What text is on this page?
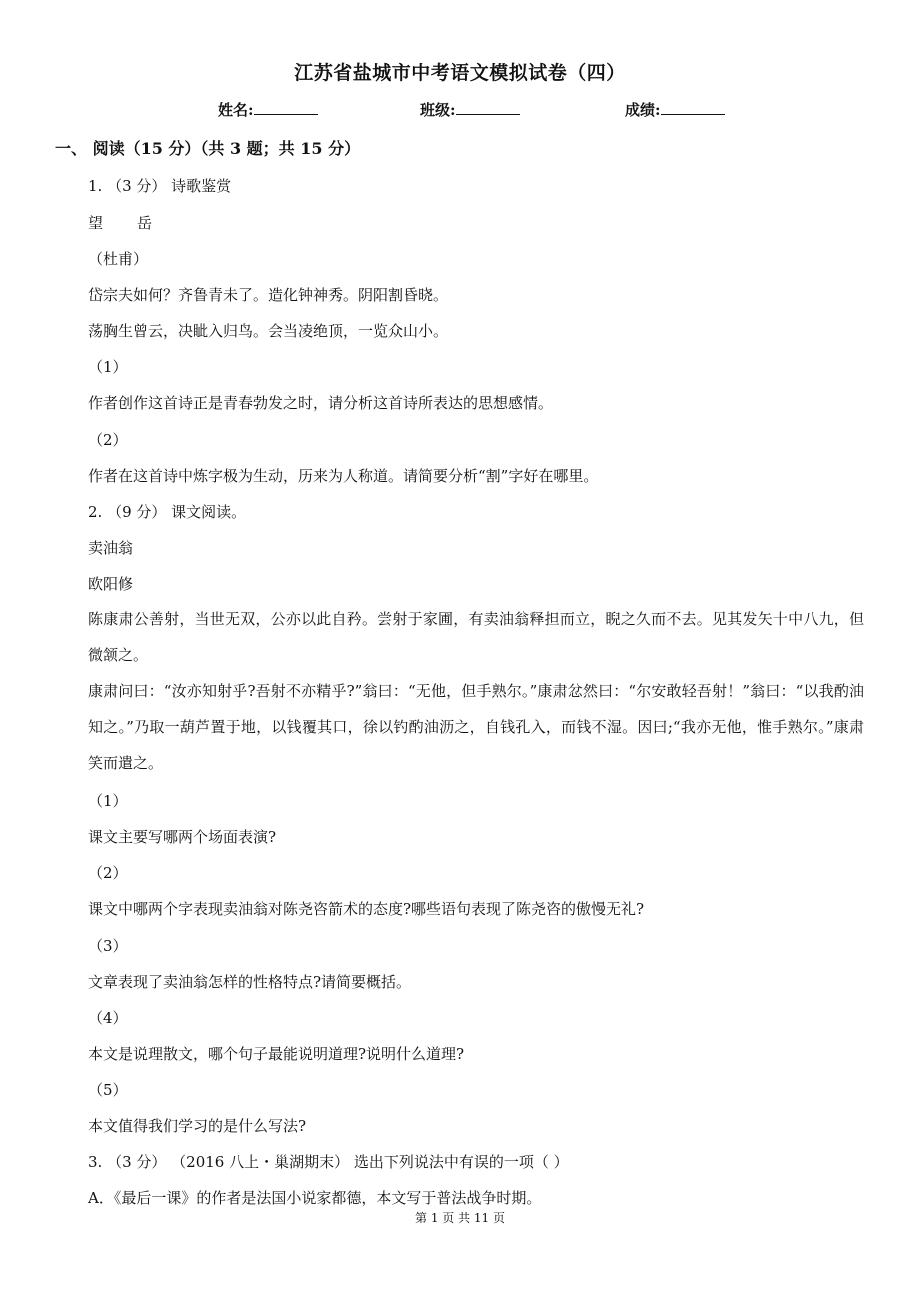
江苏省盐城市中考语文模拟试卷（四）
姓名:	班级:	成绩:
一、 阅读（15 分）（共 3 题；共 15 分）
1. （3 分） 诗歌鉴赏
望 岳
（杜甫）
岱宗夫如何？齐鲁青未了。造化钟神秀。阴阳割昏晓。
荡胸生曾云，决眦入归鸟。会当凌绝顶，一览众山小。
（1）
作者创作这首诗正是青春勃发之时，请分析这首诗所表达的思想感情。
（2）
作者在这首诗中炼字极为生动，历来为人称道。请简要分析“割”字好在哪里。
2. （9 分） 课文阅读。
卖油翁
欧阳修
陈康肃公善射，当世无双，公亦以此自矜。尝射于家圃，有卖油翁释担而立，睨之久而不去。见其发矢十中八九，但微颔之。
康肃问曰：“汝亦知射乎?吾射不亦精乎?”翁曰：“无他，但手熟尔。”康肃忿然曰：“尔安敢轻吾射！”翁曰：“以我酌油知之。”乃取一葫芦置于地，以钱覆其口，徐以钓酌油沥之，自钱孔入，而钱不湿。因曰;“我亦无他，惟手熟尔。”康肃笑而遣之。
（1）
课文主要写哪两个场面表演?
（2）
课文中哪两个字表现卖油翁对陈尧咨箭术的态度?哪些语句表现了陈尧咨的傲慢无礼?
（3）
文章表现了卖油翁怎样的性格特点?请简要概括。
（4）
本文是说理散文，哪个句子最能说明道理?说明什么道理?
（5）
本文值得我们学习的是什么写法?
3. （3 分） （2016 八上・巢湖期末） 选出下列说法中有误的一项（ ）
A．《最后一课》的作者是法国小说家都德，本文写于普法战争时期。
第 1 页 共 11 页
